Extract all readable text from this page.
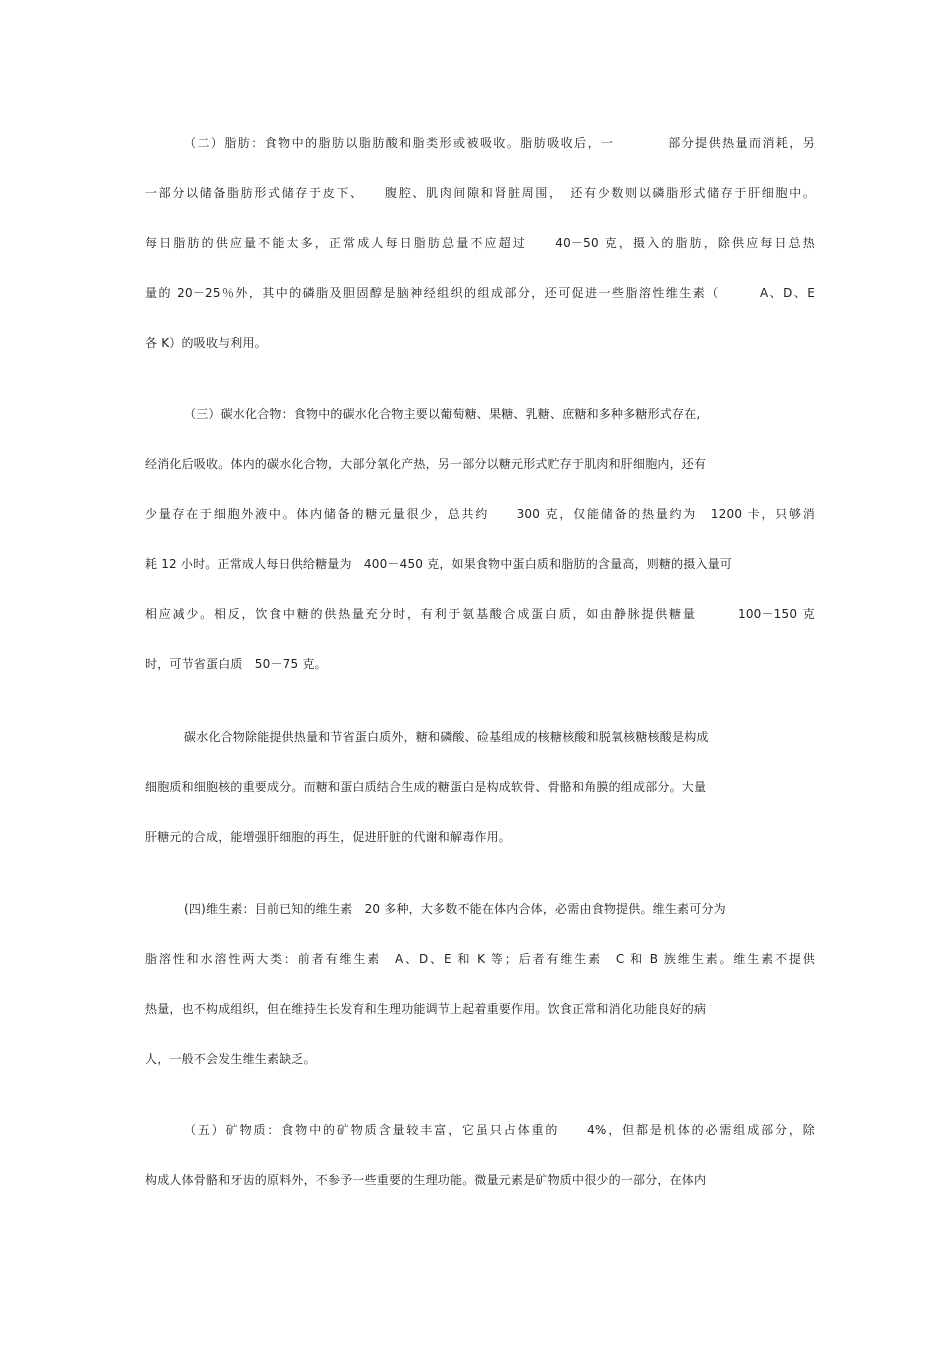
（二）脂肪：食物中的脂肪以脂肪酸和脂类形或被吸收。脂肪吸收后，一　　　　部分提供热量而消耗，另
一部分以储备脂肪形式储存于皮下、　　腹腔、肌肉间隙和肾脏周围，　还有少数则以磷脂形式储存于肝细胞中。
每日脂肪的供应量不能太多，正常成人每日脂肪总量不应超过　　40－50 克，摄入的脂肪，除供应每日总热
量的 20－25％外，其中的磷脂及胆固醇是脑神经组织的组成部分，还可促进一些脂溶性维生素（　　　A、D、E
各 K）的吸收与利用。
（三）碳水化合物：食物中的碳水化合物主要以葡萄糖、果糖、乳糖、庶糖和多种多糖形式存在,
经消化后吸收。体内的碳水化合物，大部分氧化产热，另一部分以糖元形式贮存于肌肉和肝细胞内，还有
少量存在于细胞外液中。体内储备的糖元量很少，总共约　　300 克，仅能储备的热量约为　1200 卡，只够消
耗 12 小时。正常成人每日供给糖量为　400－450 克，如果食物中蛋白质和脂肪的含量高，则糖的摄入量可
相应减少。相反，饮食中糖的供热量充分时，有利于氨基酸合成蛋白质，如由静脉提供糖量　　　100－150 克
时，可节省蛋白质　50－75 克。
碳水化合物除能提供热量和节省蛋白质外，糖和磷酸、硷基组成的核糖核酸和脱氧核糖核酸是构成
细胞质和细胞核的重要成分。而糖和蛋白质结合生成的糖蛋白是构成软骨、骨骼和角膜的组成部分。大量
肝糖元的合成，能增强肝细胞的再生，促进肝脏的代谢和解毒作用。
(四)维生素：目前已知的维生素　20 多种，大多数不能在体内合体，必需由食物提供。维生素可分为
脂溶性和水溶性两大类：前者有维生素　A、D、E 和 K 等；后者有维生素　C 和 B 族维生素。维生素不提供
热量，也不构成组织，但在维持生长发育和生理功能调节上起着重要作用。饮食正常和消化功能良好的病
人，一般不会发生维生素缺乏。
（五）矿物质：食物中的矿物质含量较丰富，它虽只占体重的　　4%，但都是机体的必需组成部分，除
构成人体骨骼和牙齿的原料外，不参予一些重要的生理功能。微量元素是矿物质中很少的一部分，在体内
